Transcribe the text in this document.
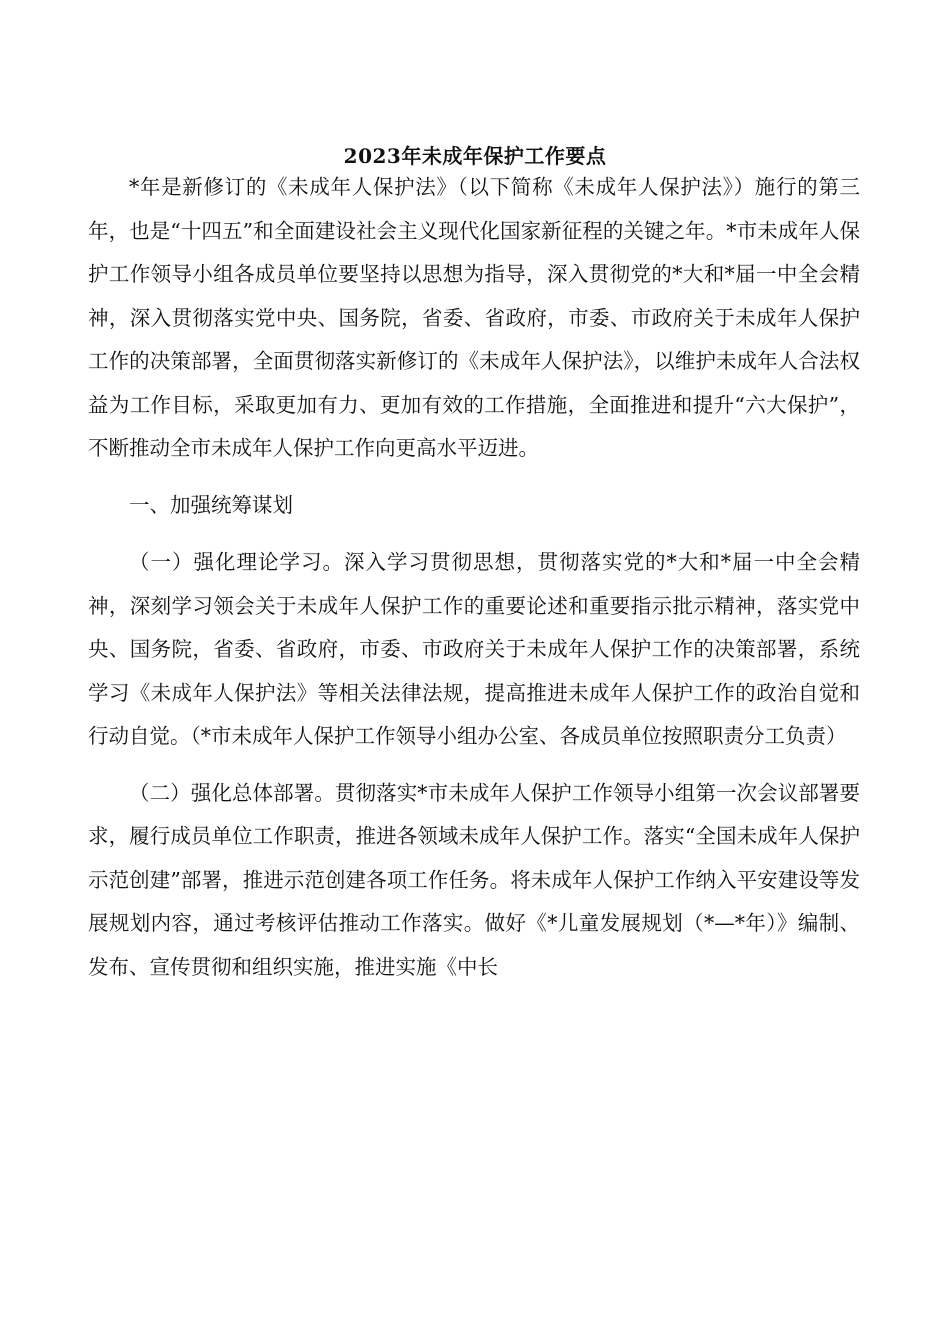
2023年未成年保护工作要点

*年是新修订的《未成年人保护法》（以下简称《未成年人保护法》）施行的第三年，也是“十四五”和全面建设社会主义现代化国家新征程的关键之年。*市未成年人保护工作领导小组各成员单位要坚持以思想为指导，深入贯彻党的*大和*届一中全会精神，深入贯彻落实党中央、国务院，省委、省政府，市委、市政府关于未成年人保护工作的决策部署，全面贯彻落实新修订的《未成年人保护法》，以维护未成年人合法权益为工作目标，采取更加有力、更加有效的工作措施，全面推进和提升“六大保护”，不断推动全市未成年人保护工作向更高水平迈进。

一、加强统筹谋划

（一）强化理论学习。深入学习贯彻思想，贯彻落实党的*大和*届一中全会精神，深刻学习领会关于未成年人保护工作的重要论述和重要指示批示精神，落实党中央、国务院，省委、省政府，市委、市政府关于未成年人保护工作的决策部署，系统学习《未成年人保护法》等相关法律法规，提高推进未成年人保护工作的政治自觉和行动自觉。（*市未成年人保护工作领导小组办公室、各成员单位按照职责分工负责）

（二）强化总体部署。贯彻落实*市未成年人保护工作领导小组第一次会议部署要求，履行成员单位工作职责，推进各领域未成年人保护工作。落实“全国未成年人保护示范创建”部署，推进示范创建各项工作任务。将未成年人保护工作纳入平安建设等发展规划内容，通过考核评估推动工作落实。做好《*儿童发展规划（*—*年）》编制、发布、宣传贯彻和组织实施，推进实施《中长
